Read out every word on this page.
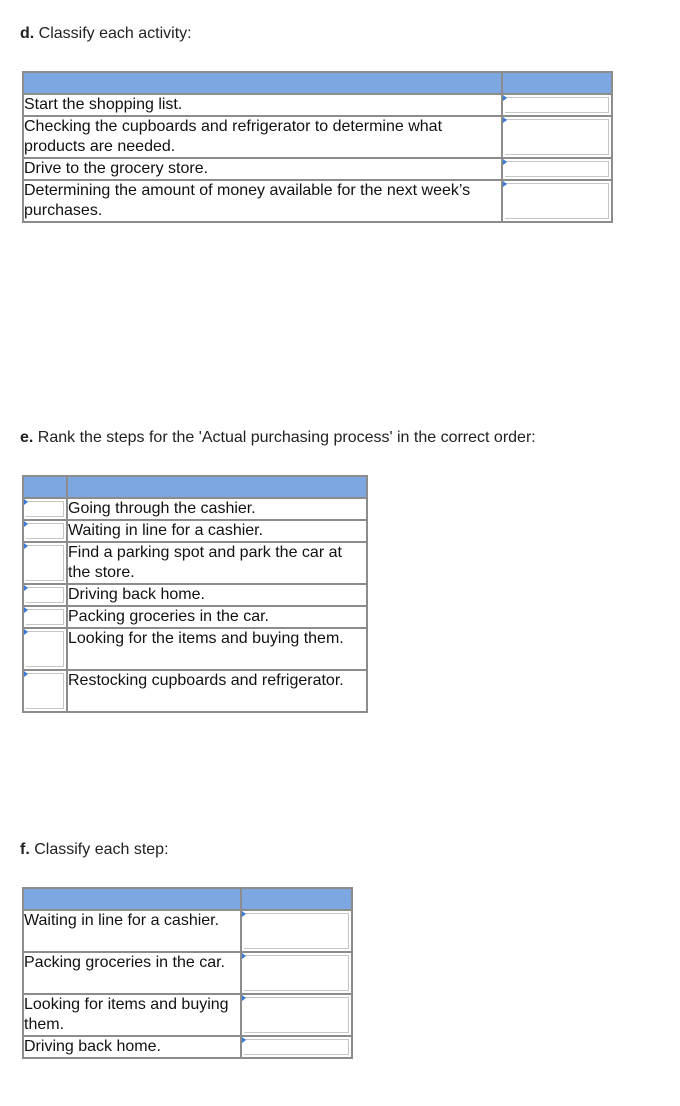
d. Classify each activity:

Start the shopping list.	

Checking the cupboards and refrigerator to determine what products are needed.	

Drive to the grocery store.	

Determining the amount of money available for the next week’s purchases.	
e. Rank the steps for the 'Actual purchasing process' in the correct order:

	Going through the cashier.

	Waiting in line for a cashier.

	Find a parking spot and park the car at the store.

	Driving back home.

	Packing groceries in the car.

	Looking for the items and buying them.

	Restocking cupboards and refrigerator.
f. Classify each step:

Waiting in line for a cashier.	

Packing groceries in the car.	

Looking for items and buying them.	

Driving back home.	
